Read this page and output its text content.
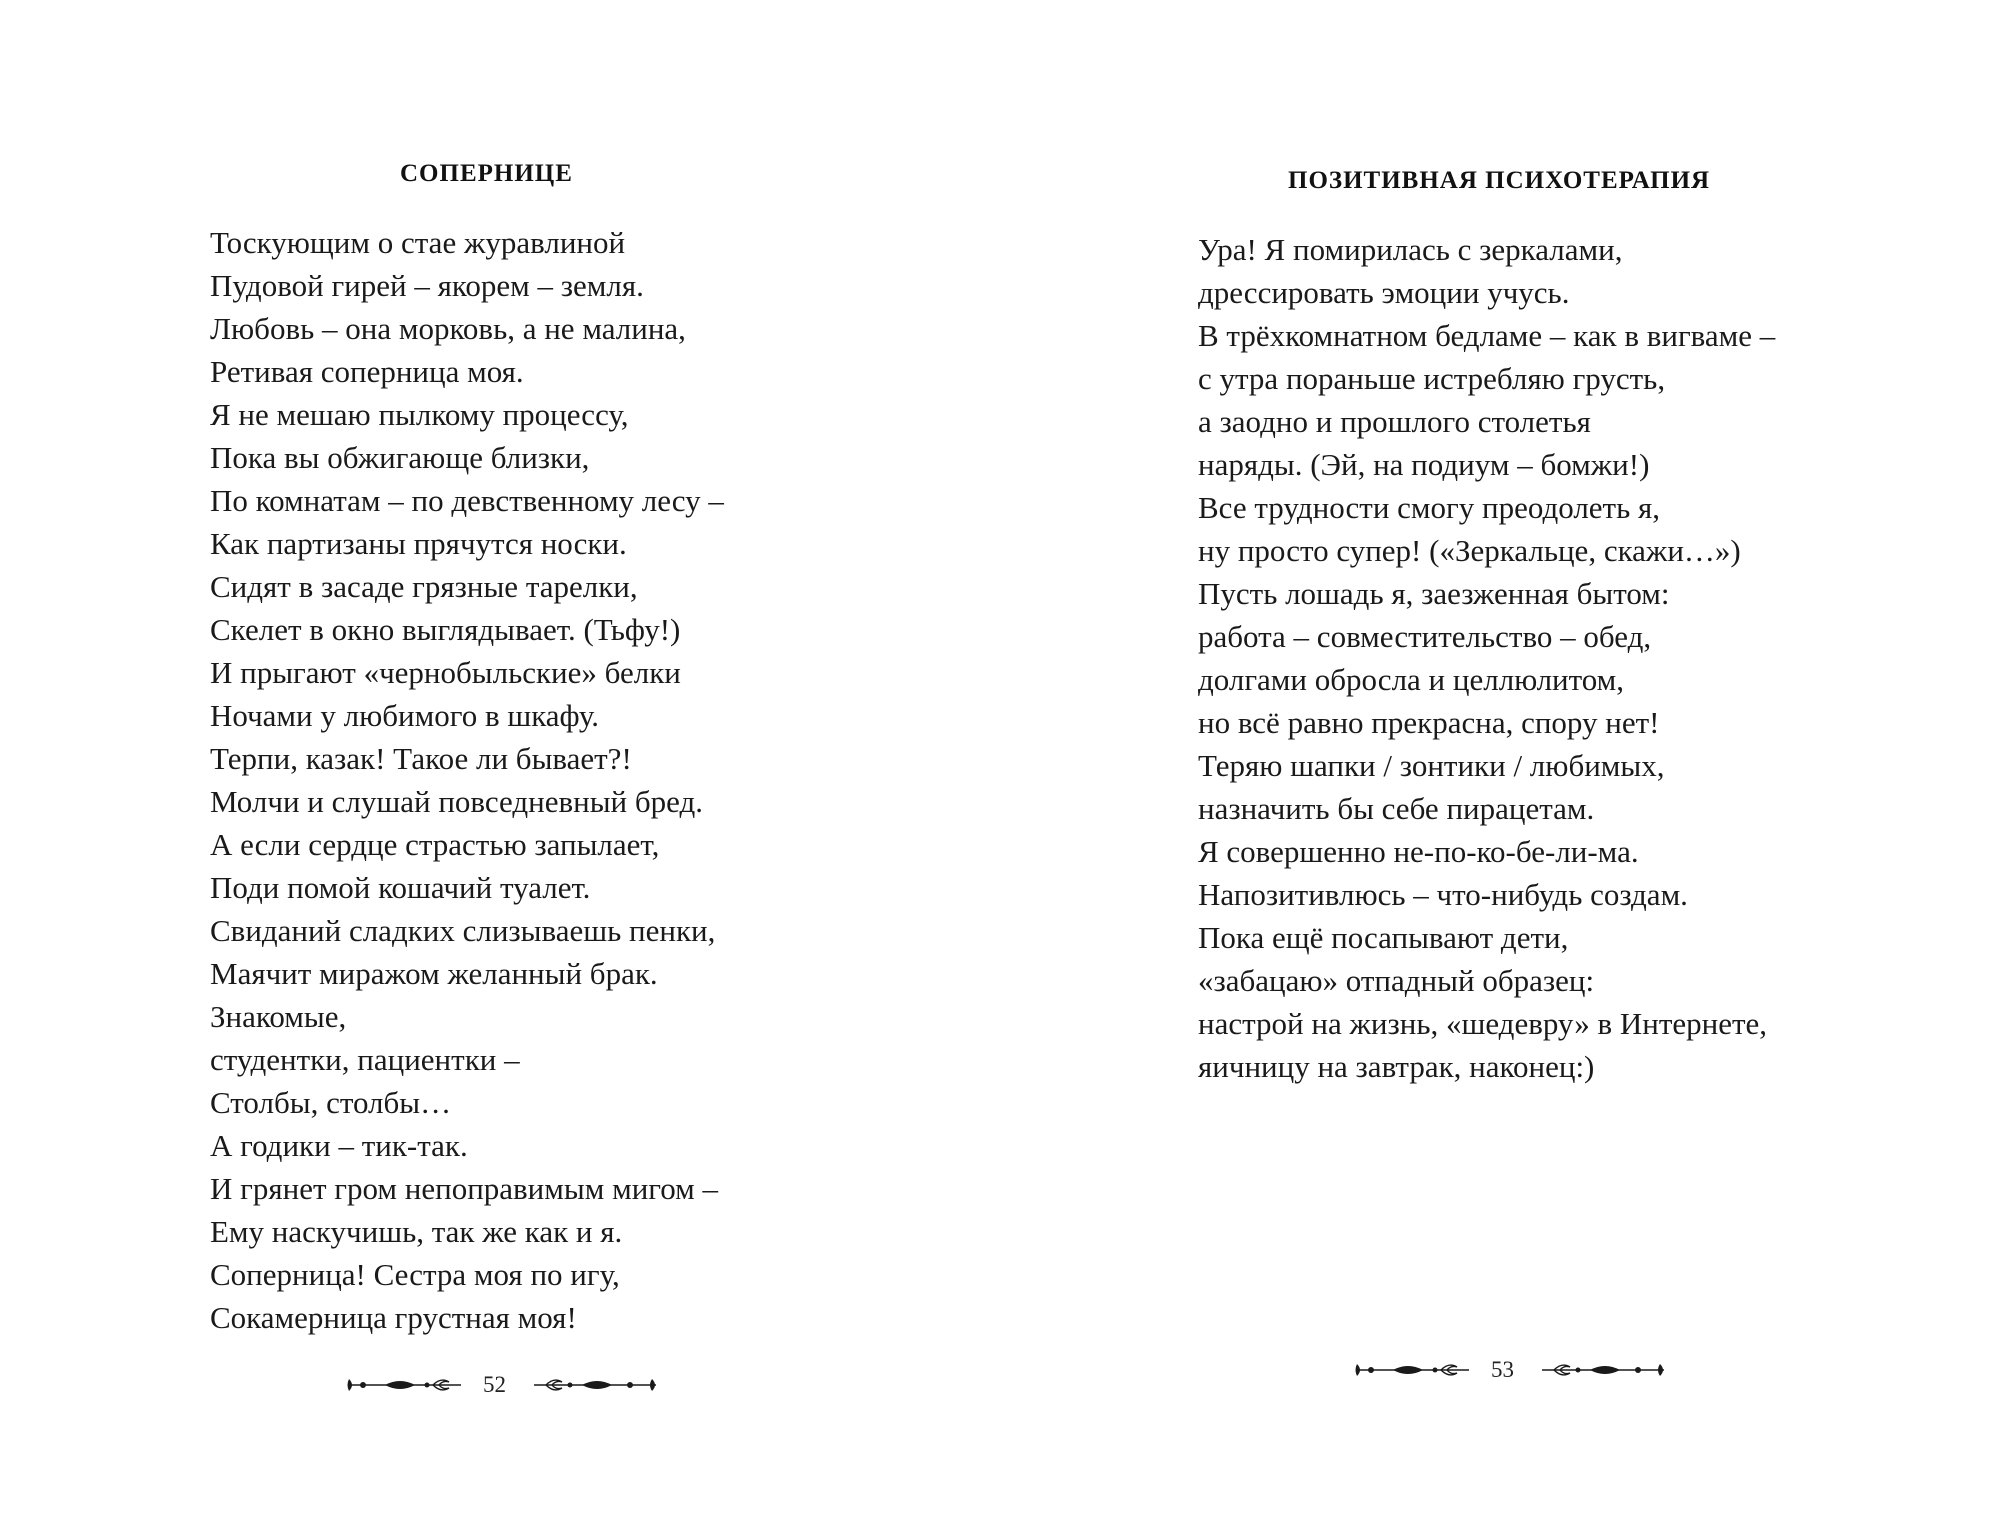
СОПЕРНИЦЕ
Тоскующим о стае журавлиной
Пудовой гирей – якорем – земля.
Любовь – она морковь, а не малина,
Ретивая соперница моя.
Я не мешаю пылкому процессу,
Пока вы обжигающе близки,
По комнатам – по девственному лесу –
Как партизаны прячутся носки.
Сидят в засаде грязные тарелки,
Скелет в окно выглядывает. (Тьфу!)
И прыгают «чернобыльские» белки
Ночами у любимого в шкафу.
Терпи, казак! Такое ли бывает?!
Молчи и слушай повседневный бред.
А если сердце страстью запылает,
Поди помой кошачий туалет.
Свиданий сладких слизываешь пенки,
Маячит миражом желанный брак.
Знакомые,
студентки, пациентки –
Столбы, столбы…
А годики – тик-так.
И грянет гром непоправимым мигом –
Ему наскучишь, так же как и я.
Соперница! Сестра моя по игу,
Сокамерница грустная моя!
52
ПОЗИТИВНАЯ ПСИХОТЕРАПИЯ
Ура! Я помирилась с зеркалами,
дрессировать эмоции учусь.
В трёхкомнатном бедламе – как в вигваме –
с утра пораньше истребляю грусть,
а заодно и прошлого столетья
наряды. (Эй, на подиум – бомжи!)
Все трудности смогу преодолеть я,
ну просто супер! («Зеркальце, скажи…»)
Пусть лошадь я, заезженная бытом:
работа – совместительство – обед,
долгами обросла и целлюлитом,
но всё равно прекрасна, спору нет!
Теряю шапки / зонтики / любимых,
назначить бы себе пирацетам.
Я совершенно не-по-ко-бе-ли-ма.
Напозитивлюсь – что-нибудь создам.
Пока ещё посапывают дети,
«забацаю» отпадный образец:
настрой на жизнь, «шедевру» в Интернете,
яичницу на завтрак, наконец:)
53
